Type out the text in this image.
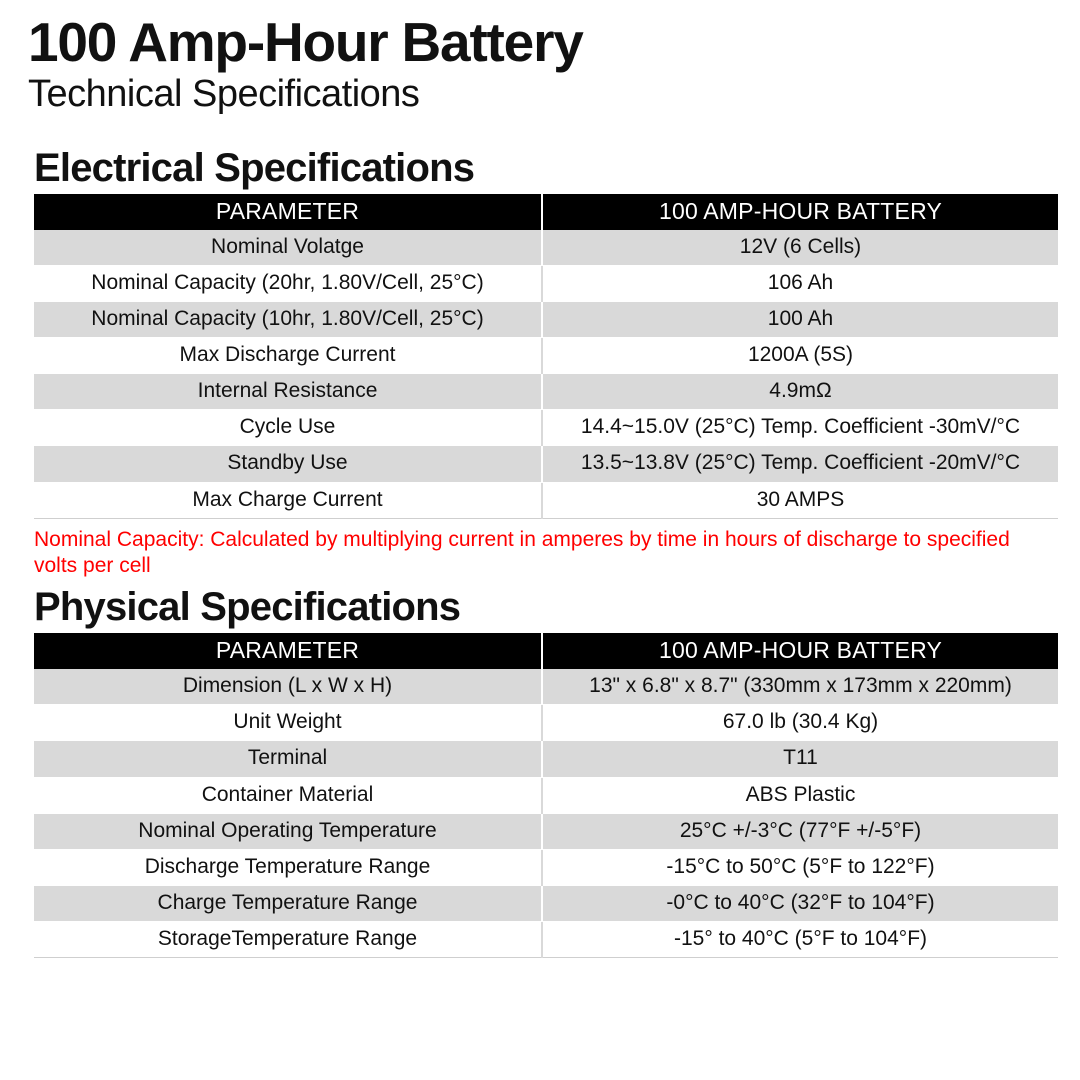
100 Amp-Hour Battery
Technical Specifications
Electrical Specifications
PARAMETER	100 AMP-HOUR BATTERY
Nominal Volatge	12V (6 Cells)
Nominal Capacity (20hr, 1.80V/Cell, 25°C)	106 Ah
Nominal Capacity (10hr, 1.80V/Cell, 25°C)	100 Ah
Max Discharge Current	1200A (5S)
Internal Resistance	4.9mΩ
Cycle Use	14.4~15.0V (25°C) Temp. Coefficient -30mV/°C
Standby Use	13.5~13.8V (25°C) Temp. Coefficient -20mV/°C
Max Charge Current	30 AMPS

Nominal Capacity: Calculated by multiplying current in amperes by time in hours of discharge to specified volts per cell

Physical Specifications
PARAMETER	100 AMP-HOUR BATTERY
Dimension (L x W x H)	13" x 6.8" x 8.7" (330mm x 173mm x 220mm)
Unit Weight	67.0 lb (30.4 Kg)
Terminal	T11
Container Material	ABS Plastic
Nominal Operating Temperature	25°C +/-3°C (77°F +/-5°F)
Discharge Temperature Range	-15°C to 50°C (5°F to 122°F)
Charge Temperature Range	-0°C to 40°C (32°F to 104°F)
StorageTemperature Range	-15° to 40°C (5°F to 104°F)
